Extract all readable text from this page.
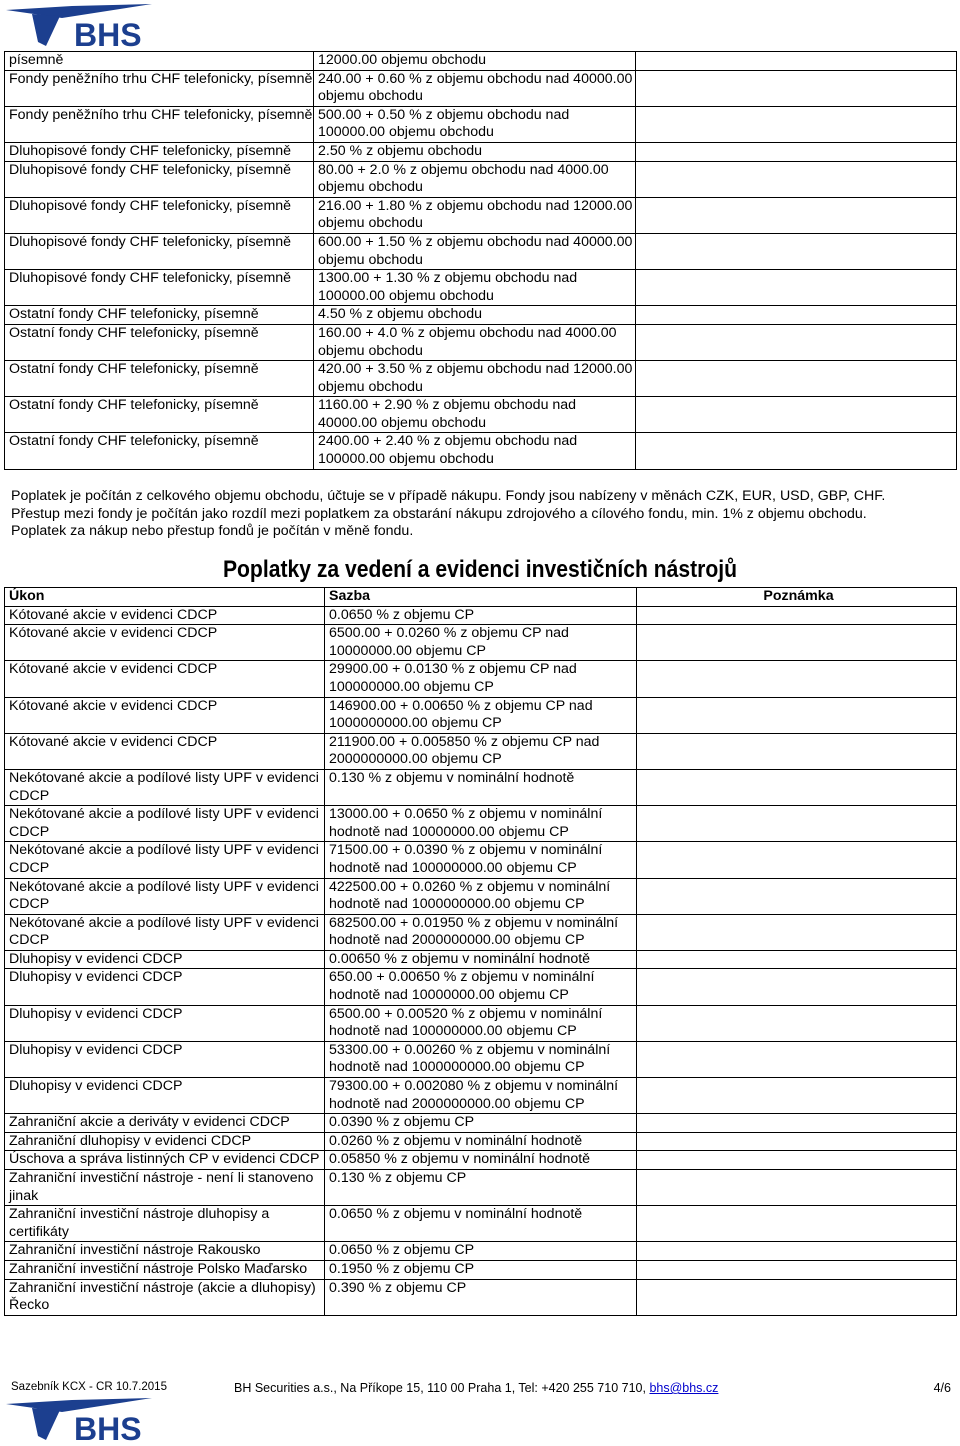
BHS
písemně	12000.00 objemu obchodu	
Fondy peněžního trhu CHF telefonicky, písemně	240.00 + 0.60 % z objemu obchodu nad 40000.00 objemu obchodu	
Fondy peněžního trhu CHF telefonicky, písemně	500.00 + 0.50 % z objemu obchodu nad 100000.00 objemu obchodu	
Dluhopisové fondy CHF telefonicky, písemně	2.50 % z objemu obchodu	
Dluhopisové fondy CHF telefonicky, písemně	80.00 + 2.0 % z objemu obchodu nad 4000.00 objemu obchodu	
Dluhopisové fondy CHF telefonicky, písemně	216.00 + 1.80 % z objemu obchodu nad 12000.00 objemu obchodu	
Dluhopisové fondy CHF telefonicky, písemně	600.00 + 1.50 % z objemu obchodu nad 40000.00 objemu obchodu	
Dluhopisové fondy CHF telefonicky, písemně	1300.00 + 1.30 % z objemu obchodu nad 100000.00 objemu obchodu	
Ostatní fondy CHF telefonicky, písemně	4.50 % z objemu obchodu	
Ostatní fondy CHF telefonicky, písemně	160.00 + 4.0 % z objemu obchodu nad 4000.00 objemu obchodu	
Ostatní fondy CHF telefonicky, písemně	420.00 + 3.50 % z objemu obchodu nad 12000.00 objemu obchodu	
Ostatní fondy CHF telefonicky, písemně	1160.00 + 2.90 % z objemu obchodu nad 40000.00 objemu obchodu	
Ostatní fondy CHF telefonicky, písemně	2400.00 + 2.40 % z objemu obchodu nad 100000.00 objemu obchodu	
Poplatek je počítán z celkového objemu obchodu, účtuje se v případě nákupu. Fondy jsou nabízeny v měnách CZK, EUR, USD, GBP, CHF.
Přestup mezi fondy je počítán jako rozdíl mezi poplatkem za obstarání nákupu zdrojového a cílového fondu, min. 1% z objemu obchodu.
Poplatek za nákup nebo přestup fondů je počítán v měně fondu.
Poplatky za vedení a evidenci investičních nástrojů
Úkon	Sazba	Poznámka
Kótované akcie v evidenci CDCP	0.0650 % z objemu CP	
Kótované akcie v evidenci CDCP	6500.00 + 0.0260 % z objemu CP nad 10000000.00 objemu CP	
Kótované akcie v evidenci CDCP	29900.00 + 0.0130 % z objemu CP nad 100000000.00 objemu CP	
Kótované akcie v evidenci CDCP	146900.00 + 0.00650 % z objemu CP nad 1000000000.00 objemu CP	
Kótované akcie v evidenci CDCP	211900.00 + 0.005850 % z objemu CP nad 2000000000.00 objemu CP	
Nekótované akcie a podílové listy UPF v evidenci CDCP	0.130 % z objemu v nominální hodnotě	
Nekótované akcie a podílové listy UPF v evidenci CDCP	13000.00 + 0.0650 % z objemu v nominální hodnotě nad 10000000.00 objemu CP	
Nekótované akcie a podílové listy UPF v evidenci CDCP	71500.00 + 0.0390 % z objemu v nominální hodnotě nad 100000000.00 objemu CP	
Nekótované akcie a podílové listy UPF v evidenci CDCP	422500.00 + 0.0260 % z objemu v nominální hodnotě nad 1000000000.00 objemu CP	
Nekótované akcie a podílové listy UPF v evidenci CDCP	682500.00 + 0.01950 % z objemu v nominální hodnotě nad 2000000000.00 objemu CP	
Dluhopisy v evidenci CDCP	0.00650 % z objemu v nominální hodnotě	
Dluhopisy v evidenci CDCP	650.00 + 0.00650 % z objemu v nominální hodnotě nad 10000000.00 objemu CP	
Dluhopisy v evidenci CDCP	6500.00 + 0.00520 % z objemu v nominální hodnotě nad 100000000.00 objemu CP	
Dluhopisy v evidenci CDCP	53300.00 + 0.00260 % z objemu v nominální hodnotě nad 1000000000.00 objemu CP	
Dluhopisy v evidenci CDCP	79300.00 + 0.002080 % z objemu v nominální hodnotě nad 2000000000.00 objemu CP	
Zahraniční akcie a deriváty v evidenci CDCP	0.0390 % z objemu CP	
Zahraniční dluhopisy v evidenci CDCP	0.0260 % z objemu v nominální hodnotě	
Úschova a správa listinných CP v evidenci CDCP	0.05850 % z objemu v nominální hodnotě	
Zahraniční investiční nástroje - není li stanoveno jinak	0.130 % z objemu CP	
Zahraniční investiční nástroje dluhopisy a certifikáty	0.0650 % z objemu v nominální hodnotě	
Zahraniční investiční nástroje Rakousko	0.0650 % z objemu CP	
Zahraniční investiční nástroje Polsko Maďarsko	0.1950 % z objemu CP	
Zahraniční investiční nástroje (akcie a dluhopisy) Řecko	0.390 % z objemu CP	
Sazebník KCX - CR 10.7.2015	BH Securities a.s., Na Příkope 15, 110 00 Praha 1, Tel: +420 255 710 710, bhs@bhs.cz	4/6
BHS
